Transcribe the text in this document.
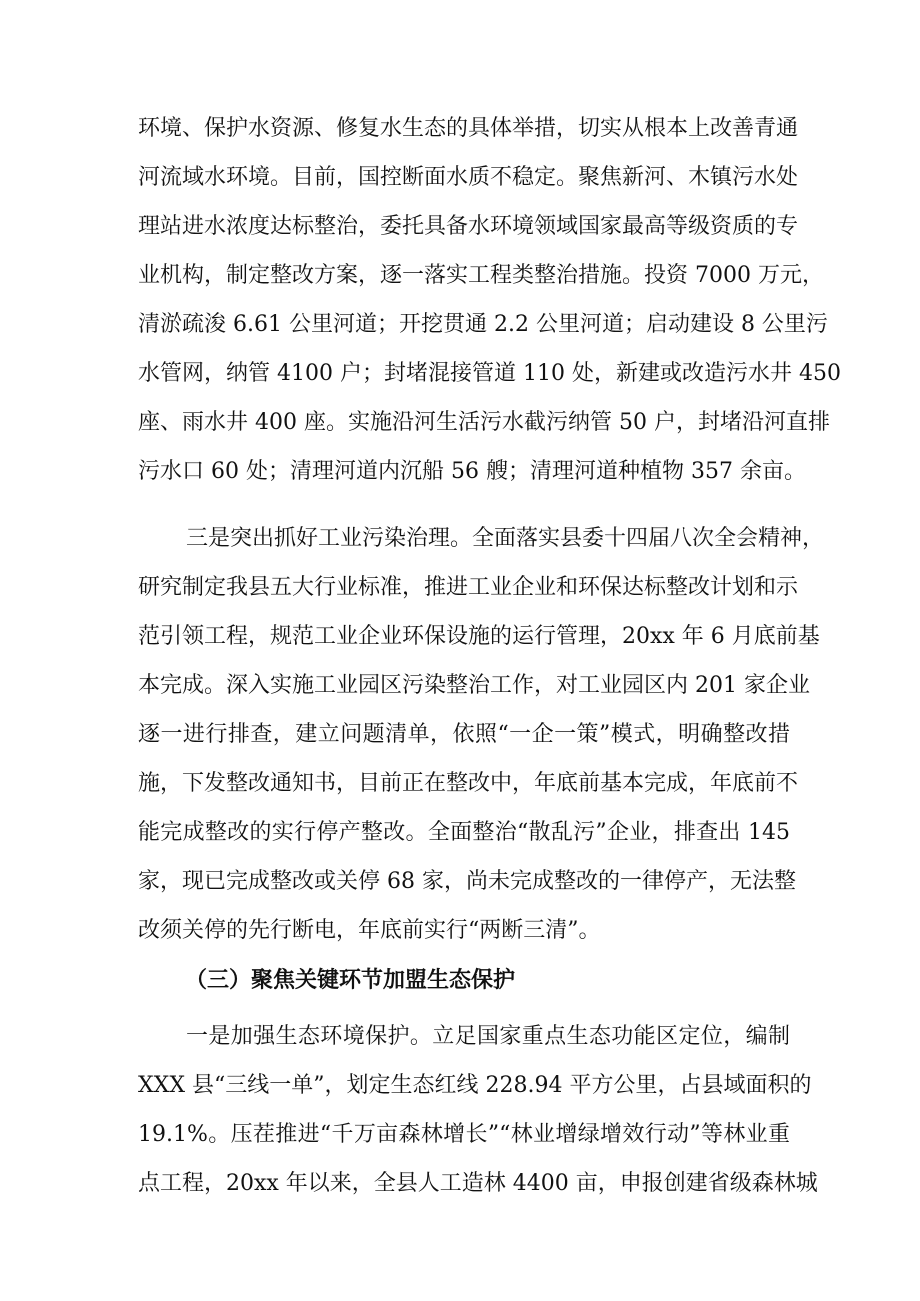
环境、保护水资源、修复水生态的具体举措，切实从根本上改善青通
河流域水环境。目前，国控断面水质不稳定。聚焦新河、木镇污水处
理站进水浓度达标整治，委托具备水环境领域国家最高等级资质的专
业机构，制定整改方案，逐一落实工程类整治措施。投资 7000 万元，
清淤疏浚 6.61 公里河道；开挖贯通 2.2 公里河道；启动建设 8 公里污
水管网，纳管 4100 户；封堵混接管道 110 处，新建或改造污水井 450
座、雨水井 400 座。实施沿河生活污水截污纳管 50 户，封堵沿河直排
污水口 60 处；清理河道内沉船 56 艘；清理河道种植物 357 余亩。
三是突出抓好工业污染治理。全面落实县委十四届八次全会精神，
研究制定我县五大行业标准，推进工业企业和环保达标整改计划和示
范引领工程，规范工业企业环保设施的运行管理，20xx 年 6 月底前基
本完成。深入实施工业园区污染整治工作，对工业园区内 201 家企业
逐一进行排查，建立问题清单，依照“一企一策”模式，明确整改措
施，下发整改通知书，目前正在整改中，年底前基本完成，年底前不
能完成整改的实行停产整改。全面整治“散乱污”企业，排查出 145
家，现已完成整改或关停 68 家，尚未完成整改的一律停产，无法整
改须关停的先行断电，年底前实行“两断三清”。
（三）聚焦关键环节加盟生态保护
一是加强生态环境保护。立足国家重点生态功能区定位，编制
XXX 县“三线一单”，划定生态红线 228.94 平方公里，占县域面积的
19.1%。压茬推进“千万亩森林增长”“林业增绿增效行动”等林业重
点工程，20xx 年以来，全县人工造林 4400 亩，申报创建省级森林城
